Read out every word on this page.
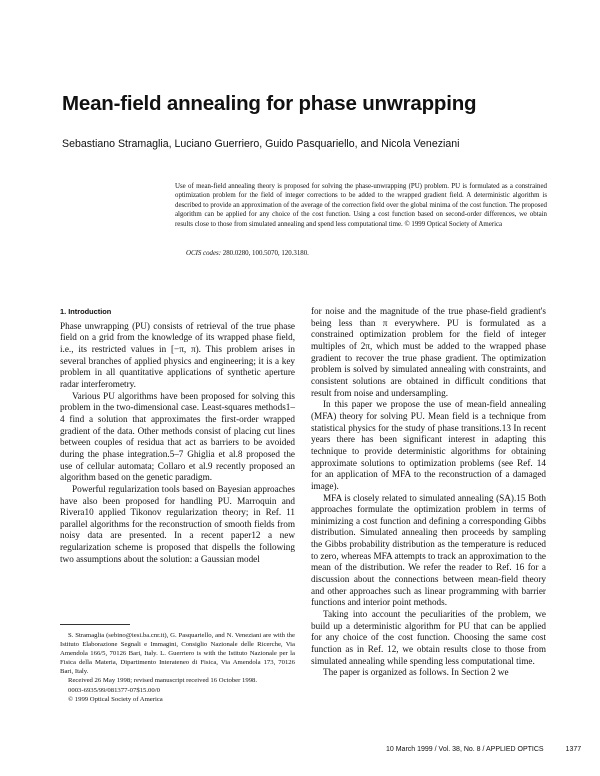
Mean-field annealing for phase unwrapping

Sebastiano Stramaglia, Luciano Guerriero, Guido Pasquariello, and Nicola Veneziani

Use of mean-field annealing theory is proposed for solving the phase-unwrapping (PU) problem. PU is formulated as a constrained optimization problem for the field of integer corrections to be added to the wrapped gradient field. A deterministic algorithm is described to provide an approximation of the average of the correction field over the global minima of the cost function. The proposed algorithm can be applied for any choice of the cost function. Using a cost function based on second-order differences, we obtain results close to those from simulated annealing and spend less computational time. © 1999 Optical Society of America

OCIS codes: 280.0280, 100.5070, 120.3180.

1. Introduction

Phase unwrapping (PU) consists of retrieval of the true phase field on a grid from the knowledge of its wrapped phase field, i.e., its restricted values in [−π, π). This problem arises in several branches of applied physics and engineering; it is a key problem in all quantitative applications of synthetic aperture radar interferometry.

Various PU algorithms have been proposed for solving this problem in the two-dimensional case. Least-squares methods1–4 find a solution that approximates the first-order wrapped gradient of the data. Other methods consist of placing cut lines between couples of residua that act as barriers to be avoided during the phase integration.5–7 Ghiglia et al.8 proposed the use of cellular automata; Collaro et al.9 recently proposed an algorithm based on the genetic paradigm.

Powerful regularization tools based on Bayesian approaches have also been proposed for handling PU. Marroquin and Rivera10 applied Tikonov regularization theory; in Ref. 11 parallel algorithms for the reconstruction of smooth fields from noisy data are presented. In a recent paper12 a new regularization scheme is proposed that dispells the following two assumptions about the solution: a Gaussian model

S. Stramaglia (sebino@iesi.ba.cnr.it), G. Pasquariello, and N. Veneziani are with the Istituto Elaborazione Segnali e Immagini, Consiglio Nazionale delle Ricerche, Via Amendola 166/5, 70126 Bari, Italy. L. Guerriero is with the Istituto Nazionale per la Fisica della Materia, Dipartimento Interateneo di Fisica, Via Amendola 173, 70126 Bari, Italy.

Received 26 May 1998; revised manuscript received 16 October 1998.

0003-6935/99/081377-07$15.00/0

© 1999 Optical Society of America

for noise and the magnitude of the true phase-field gradient's being less than π everywhere. PU is formulated as a constrained optimization problem for the field of integer multiples of 2π, which must be added to the wrapped phase gradient to recover the true phase gradient. The optimization problem is solved by simulated annealing with constraints, and consistent solutions are obtained in difficult conditions that result from noise and undersampling.

In this paper we propose the use of mean-field annealing (MFA) theory for solving PU. Mean field is a technique from statistical physics for the study of phase transitions.13 In recent years there has been significant interest in adapting this technique to provide deterministic algorithms for obtaining approximate solutions to optimization problems (see Ref. 14 for an application of MFA to the reconstruction of a damaged image).

MFA is closely related to simulated annealing (SA).15 Both approaches formulate the optimization problem in terms of minimizing a cost function and defining a corresponding Gibbs distribution. Simulated annealing then proceeds by sampling the Gibbs probability distribution as the temperature is reduced to zero, whereas MFA attempts to track an approximation to the mean of the distribution. We refer the reader to Ref. 16 for a discussion about the connections between mean-field theory and other approaches such as linear programming with barrier functions and interior point methods.

Taking into account the peculiarities of the problem, we build up a deterministic algorithm for PU that can be applied for any choice of the cost function. Choosing the same cost function as in Ref. 12, we obtain results close to those from simulated annealing while spending less computational time.

The paper is organized as follows. In Section 2 we

10 March 1999 / Vol. 38, No. 8 / APPLIED OPTICS	1377
